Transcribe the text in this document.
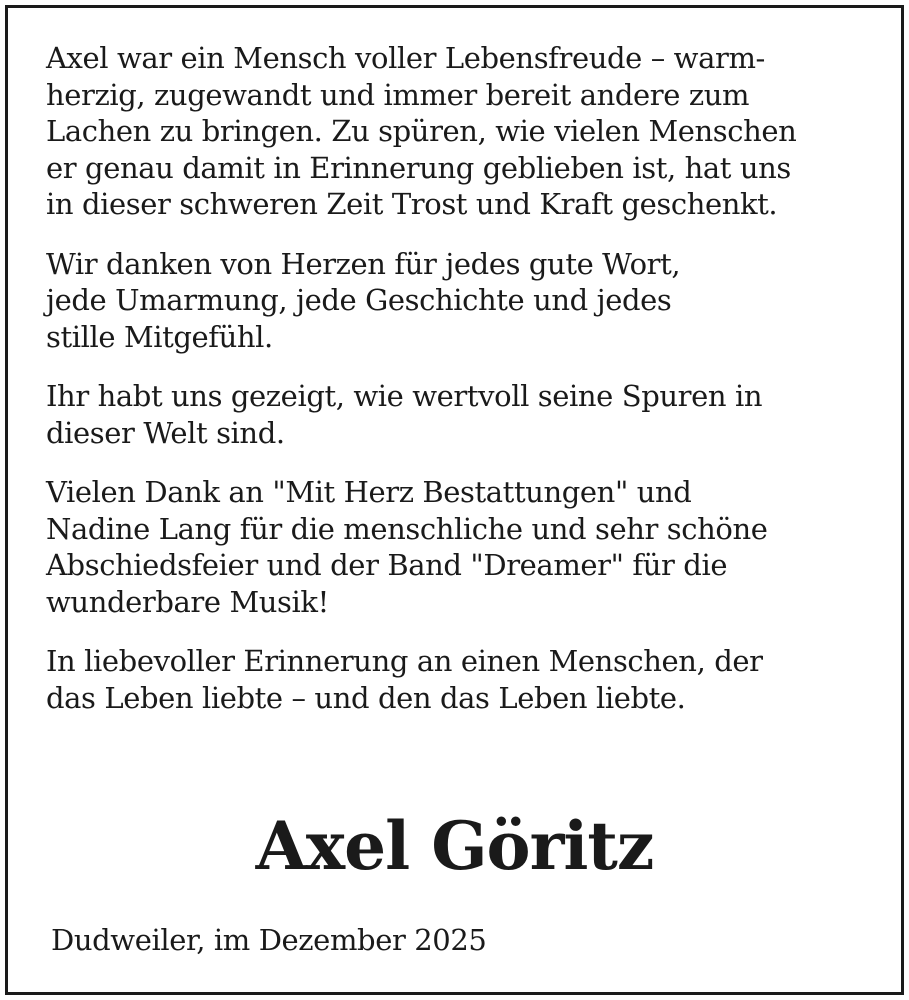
Axel war ein Mensch voller Lebensfreude – warm-
herzig, zugewandt und immer bereit andere zum
Lachen zu bringen. Zu spüren, wie vielen Menschen
er genau damit in Erinnerung geblieben ist, hat uns
in dieser schweren Zeit Trost und Kraft geschenkt.

Wir danken von Herzen für jedes gute Wort,
jede Umarmung, jede Geschichte und jedes
stille Mitgefühl.

Ihr habt uns gezeigt, wie wertvoll seine Spuren in
dieser Welt sind.

Vielen Dank an "Mit Herz Bestattungen" und
Nadine Lang für die menschliche und sehr schöne
Abschiedsfeier und der Band "Dreamer" für die
wunderbare Musik!

In liebevoller Erinnerung an einen Menschen, der
das Leben liebte – und den das Leben liebte.

Axel Göritz
Dudweiler, im Dezember 2025
